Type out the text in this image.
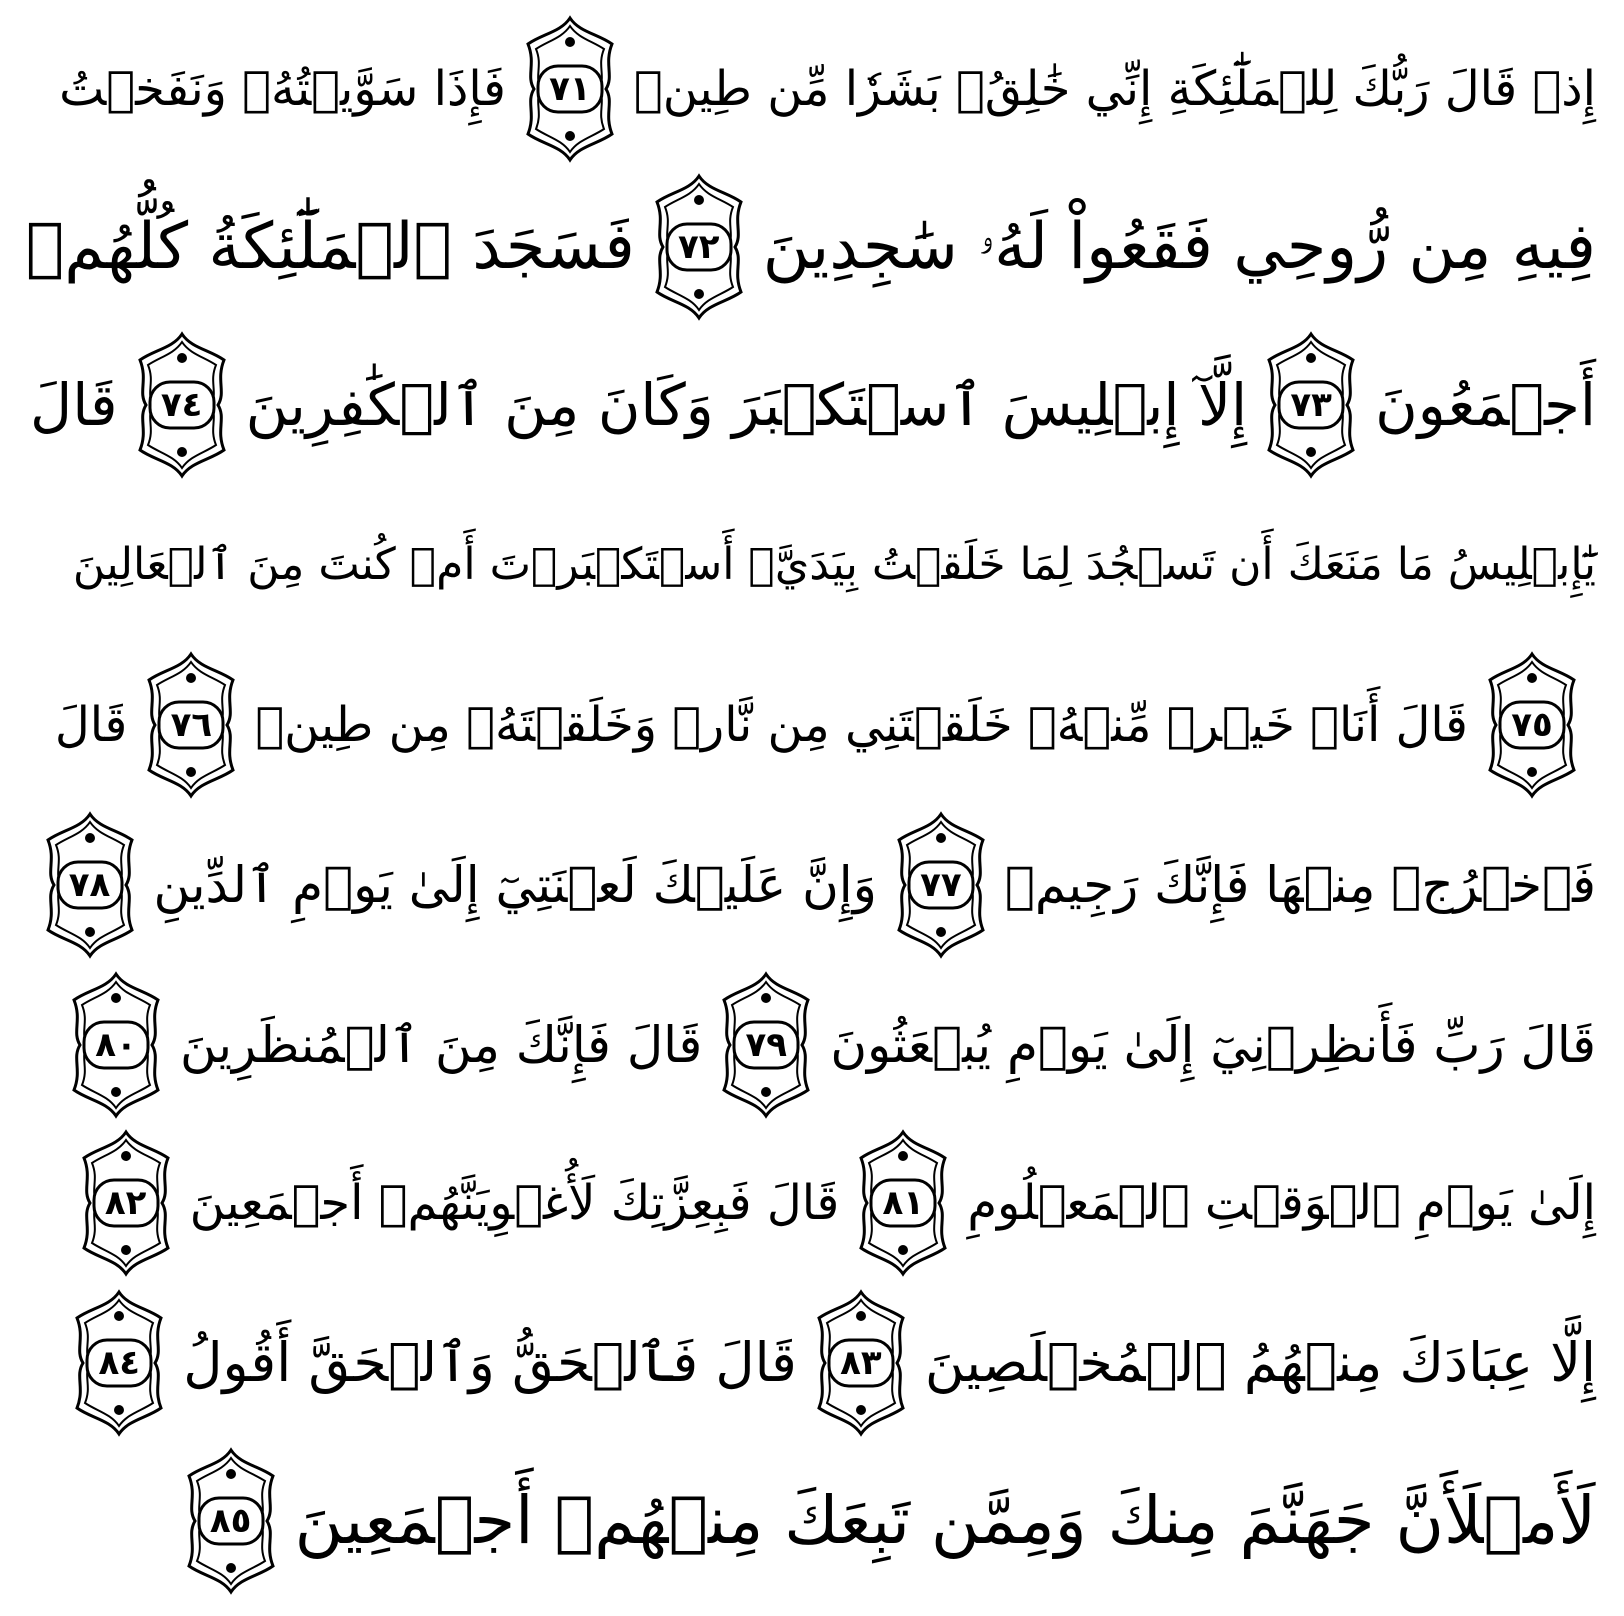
إِذۡ قَالَ رَبُّكَ لِلۡمَلَٰٓئِكَةِ إِنِّي خَٰلِقُۢ بَشَرٗا مِّن طِينٖ
٧١
فَإِذَا سَوَّيۡتُهُۥ وَنَفَخۡتُ
فِيهِ مِن رُّوحِي فَقَعُواْ لَهُۥ سَٰجِدِينَ
٧٢
فَسَجَدَ ٱلۡمَلَٰٓئِكَةُ كُلُّهُمۡ
أَجۡمَعُونَ
٧٣
إِلَّآ إِبۡلِيسَ ٱسۡتَكۡبَرَ وَكَانَ مِنَ ٱلۡكَٰفِرِينَ
٧٤
قَالَ
يَٰٓإِبۡلِيسُ مَا مَنَعَكَ أَن تَسۡجُدَ لِمَا خَلَقۡتُ بِيَدَيَّۖ أَسۡتَكۡبَرۡتَ أَمۡ كُنتَ مِنَ ٱلۡعَالِينَ
٧٥
قَالَ أَنَا۠ خَيۡرٞ مِّنۡهُۖ خَلَقۡتَنِي مِن نَّارٖ وَخَلَقۡتَهُۥ مِن طِينٖ
٧٦
قَالَ
فَٱخۡرُجۡ مِنۡهَا فَإِنَّكَ رَجِيمٞ
٧٧
وَإِنَّ عَلَيۡكَ لَعۡنَتِيٓ إِلَىٰ يَوۡمِ ٱلدِّينِ
٧٨
قَالَ رَبِّ فَأَنظِرۡنِيٓ إِلَىٰ يَوۡمِ يُبۡعَثُونَ
٧٩
قَالَ فَإِنَّكَ مِنَ ٱلۡمُنظَرِينَ
٨٠
إِلَىٰ يَوۡمِ ٱلۡوَقۡتِ ٱلۡمَعۡلُومِ
٨١
قَالَ فَبِعِزَّتِكَ لَأُغۡوِيَنَّهُمۡ أَجۡمَعِينَ
٨٢
إِلَّا عِبَادَكَ مِنۡهُمُ ٱلۡمُخۡلَصِينَ
٨٣
قَالَ فَٱلۡحَقُّ وَٱلۡحَقَّ أَقُولُ
٨٤
لَأَمۡلَأَنَّ جَهَنَّمَ مِنكَ وَمِمَّن تَبِعَكَ مِنۡهُمۡ أَجۡمَعِينَ
٨٥
